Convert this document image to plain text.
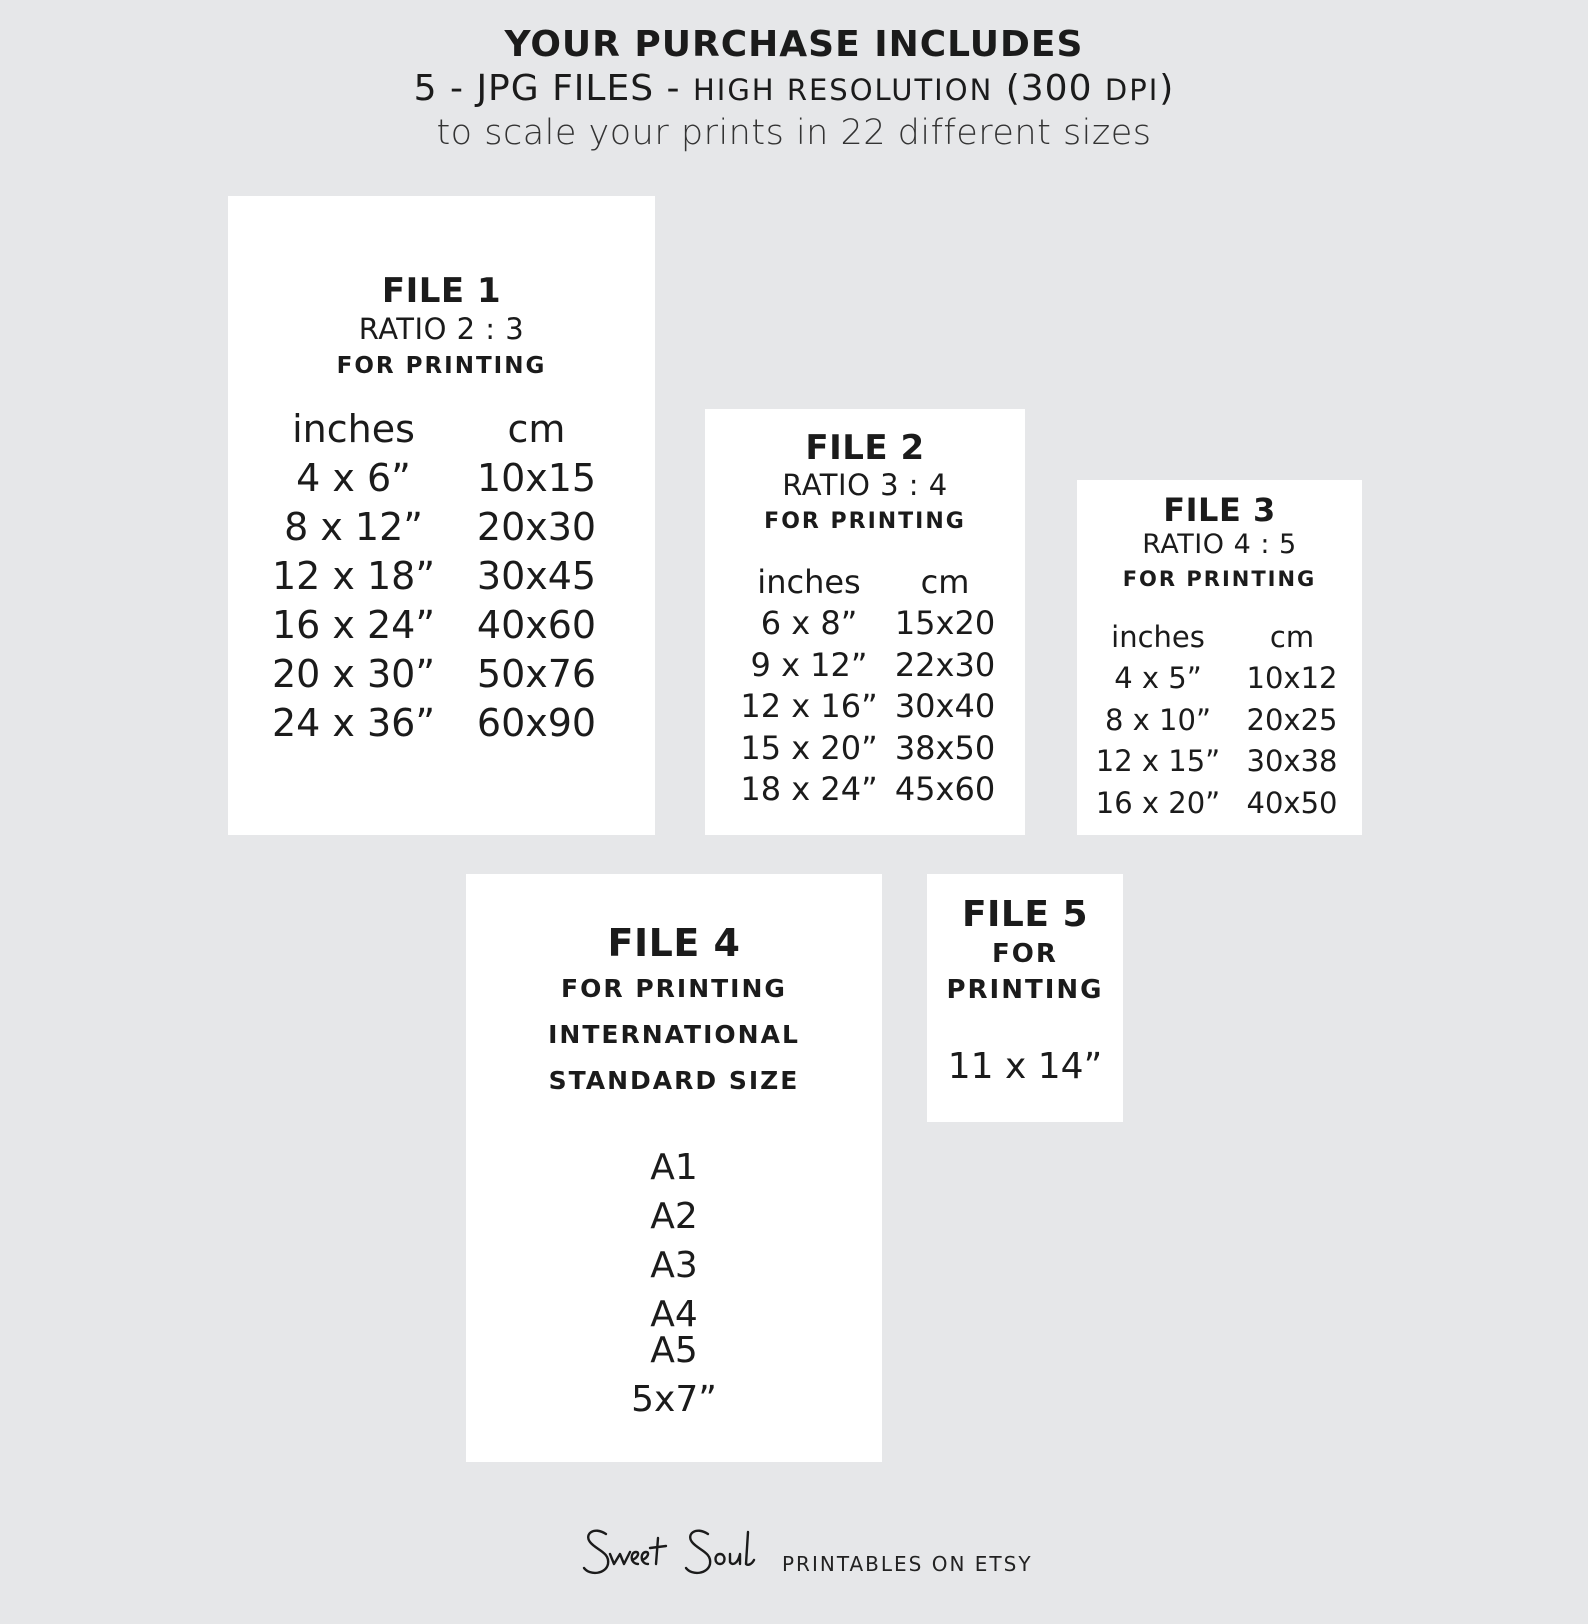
YOUR PURCHASE INCLUDES
5 - JPG FILES - HIGH RESOLUTION (300 DPI)
to scale your prints in 22 different sizes
FILE 1
RATIO 2 : 3
FOR PRINTING
inches	cm
4 x 6”	10x15
8 x 12”	20x30
12 x 18”	30x45
16 x 24”	40x60
20 x 30”	50x76
24 x 36”	60x90
FILE 2
RATIO 3 : 4
FOR PRINTING
inches	cm
6 x 8”	15x20
9 x 12”	22x30
12 x 16”	30x40
15 x 20”	38x50
18 x 24”	45x60
FILE 3
RATIO 4 : 5
FOR PRINTING
inches	cm
4 x 5”	10x12
8 x 10”	20x25
12 x 15”	30x38
16 x 20”	40x50
FILE 4
FOR PRINTING
INTERNATIONAL
STANDARD SIZE
A1
A2
A3
A4
A5
5x7”
FILE 5
FOR
PRINTING
11 x 14”
PRINTABLES ON ETSY
